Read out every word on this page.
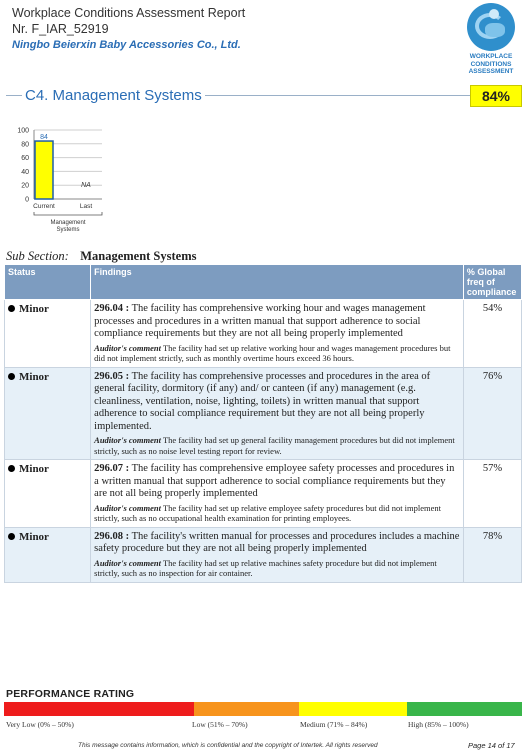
Workplace Conditions Assessment Report
Nr. F_IAR_52919
Ningbo Beierxin Baby Accessories Co., Ltd.
WORKPLACE
CONDITIONS
ASSESSMENT
C4. Management Systems	84%
0
20
40
60
80
100
84
Current
NA
Last
Management
Systems
Sub Section: Management Systems
Status	Findings	% Global freq of compliance
Minor	296.04 : The facility has comprehensive working hour and wages management processes and procedures in a written manual that support adherence to social compliance requirements but they are not all being properly implemented
Auditor's comment The facility had set up relative working hour and wages management procedures but did not implement strictly, such as monthly overtime hours exceed 36 hours.	54%
Minor	296.05 : The facility has comprehensive processes and procedures in the area of general facility, dormitory (if any) and/ or canteen (if any) management (e.g. cleanliness, ventilation, noise, lighting, toilets) in written manual that support adherence to social compliance requirement but they are not all being properly implemented.
Auditor's comment The facility had set up general facility management procedures but did not implement strictly, such as no noise level testing report for review.	76%
Minor	296.07 : The facility has comprehensive employee safety processes and procedures in a written manual that support adherence to social compliance requirements but they are not all being properly implemented
Auditor's comment The facility had set up relative employee safety procedures but did not implement strictly, such as no occupational health examination for printing employees.	57%
Minor	296.08 : The facility's written manual for processes and procedures includes a machine safety procedure but they are not all being properly implemented
Auditor's comment The facility had set up relative machines safety procedure but did not implement strictly, such as no inspection for air container.	78%
PERFORMANCE RATING
Very Low (0% – 50%)	Low (51% – 70%)	Medium (71% – 84%)	High (85% – 100%)
This message contains information, which is confidential and the copyright of Intertek. All rights reserved	Page 14 of 17
